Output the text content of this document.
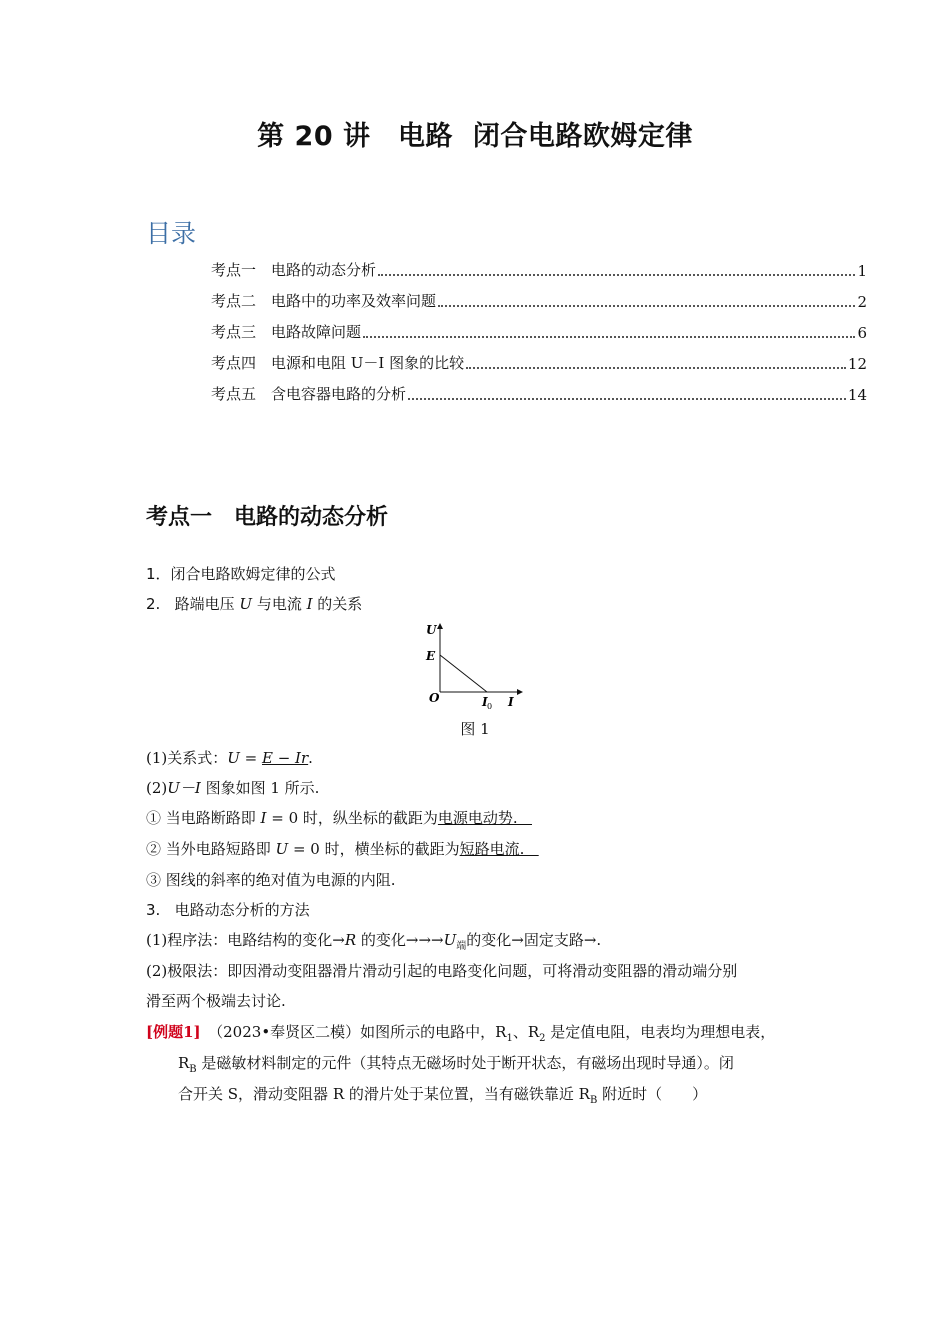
第 20 讲　电路  闭合电路欧姆定律
目录
考点一　电路的动态分析	1
考点二　电路中的功率及效率问题	2
考点三　电路故障问题	6
考点四　电源和电阻 U－I 图象的比较	12
考点五　含电容器电路的分析	14
考点一　电路的动态分析
1．闭合电路欧姆定律的公式
2.   路端电压 U 与电流 I 的关系
U
E
O	I 0 I
图 1
(1)关系式：U = E − Ir.
(2)U－I 图象如图 1 所示.
① 当电路断路即 I = 0 时，纵坐标的截距为电源电动势.
② 当外电路短路即 U = 0 时，横坐标的截距为短路电流.
③ 图线的斜率的绝对值为电源的内阻.
3.   电路动态分析的方法
(1)程序法：电路结构的变化→R 的变化$\to\to\to U_端$的变化→固定支路→.
(2)极限法：即因滑动变阻器滑片滑动引起的电路变化问题，可将滑动变阻器的滑动端分别
滑至两个极端去讨论.
[例题1]　（2023•奉贤区二模）如图所示的电路中，$R_1$、$R_2$ 是定值电阻，电表均为理想电表，
$R_B$ 是磁敏材料制定的元件（其特点无磁场时处于断开状态，有磁场出现时导通）。闭
合开关 S，滑动变阻器 R 的滑片处于某位置，当有磁铁靠近 $R_B$ 附近时（　　）
